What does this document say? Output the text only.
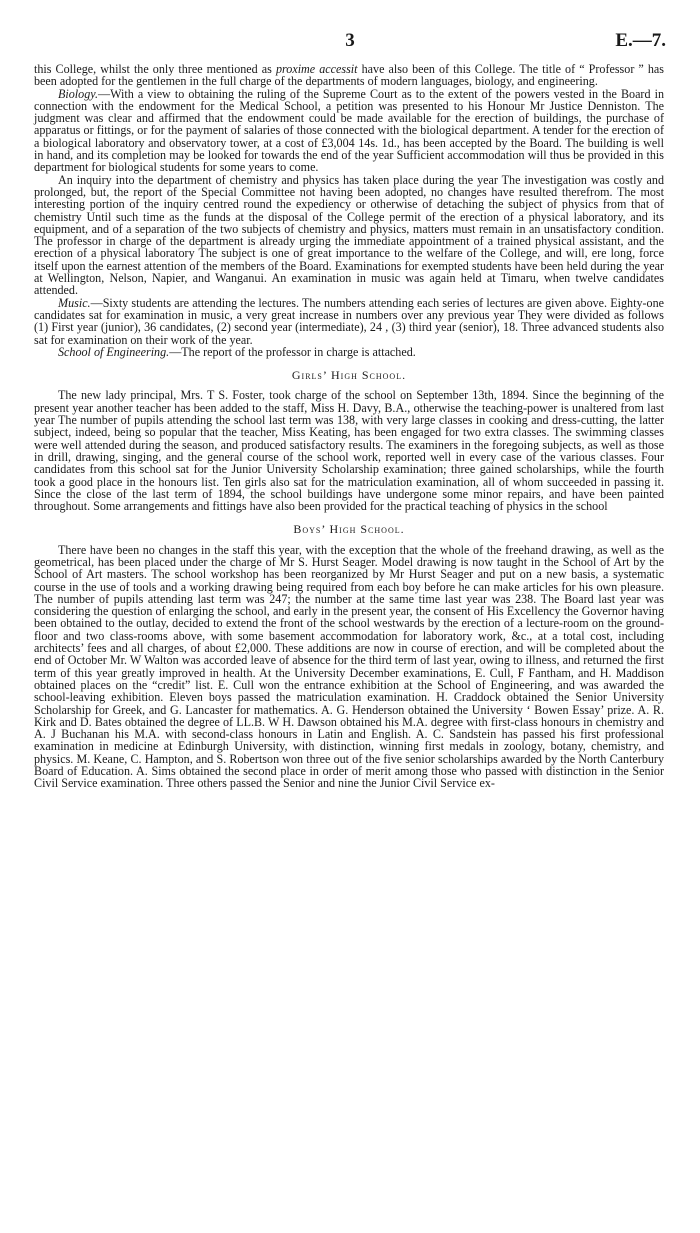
3	E.—7.

this College, whilst the only three mentioned as proxime accessit have also been of this College. The title of “ Professor ” has been adopted for the gentlemen in the full charge of the departments of modern languages, biology, and engineering.

Biology.—With a view to obtaining the ruling of the Supreme Court as to the extent of the powers vested in the Board in connection with the endowment for the Medical School, a petition was presented to his Honour Mr Justice Denniston. The judgment was clear and affirmed that the endowment could be made available for the erection of buildings, the purchase of apparatus or fittings, or for the payment of salaries of those connected with the biological department. A tender for the erection of a biological laboratory and observatory tower, at a cost of £3,004 14s. 1d., has been accepted by the Board. The building is well in hand, and its completion may be looked for towards the end of the year Sufficient accommodation will thus be provided in this department for biological students for some years to come.

An inquiry into the department of chemistry and physics has taken place during the year The investigation was costly and prolonged, but, the report of the Special Committee not having been adopted, no changes have resulted therefrom. The most interesting portion of the inquiry centred round the expediency or otherwise of detaching the subject of physics from that of chemistry Until such time as the funds at the disposal of the College permit of the erection of a physical laboratory, and its equipment, and of a separation of the two subjects of chemistry and physics, matters must remain in an unsatisfactory condition. The professor in charge of the department is already urging the immediate appointment of a trained physical assistant, and the erection of a physical laboratory The subject is one of great importance to the welfare of the College, and will, ere long, force itself upon the earnest attention of the members of the Board. Examinations for exempted students have been held during the year at Wellington, Nelson, Napier, and Wanganui. An examination in music was again held at Timaru, when twelve candidates attended.

Music.—Sixty students are attending the lectures. The numbers attending each series of lectures are given above. Eighty-one candidates sat for examination in music, a very great increase in numbers over any previous year They were divided as follows (1) First year (junior), 36 candidates, (2) second year (intermediate), 24 , (3) third year (senior), 18. Three advanced students also sat for examination on their work of the year.

School of Engineering.—The report of the professor in charge is attached.

Girls’ High School.

The new lady principal, Mrs. T S. Foster, took charge of the school on September 13th, 1894. Since the beginning of the present year another teacher has been added to the staff, Miss H. Davy, B.A., otherwise the teaching-power is unaltered from last year The number of pupils attending the school last term was 138, with very large classes in cooking and dress-cutting, the latter subject, indeed, being so popular that the teacher, Miss Keating, has been engaged for two extra classes. The swimming classes were well attended during the season, and produced satisfactory results. The examiners in the foregoing subjects, as well as those in drill, drawing, singing, and the general course of the school work, reported well in every case of the various classes. Four candidates from this school sat for the Junior University Scholarship examination; three gained scholarships, while the fourth took a good place in the honours list. Ten girls also sat for the matriculation examination, all of whom succeeded in passing it. Since the close of the last term of 1894, the school buildings have undergone some minor repairs, and have been painted throughout. Some arrangements and fittings have also been provided for the practical teaching of physics in the school

Boys’ High School.

There have been no changes in the staff this year, with the exception that the whole of the freehand drawing, as well as the geometrical, has been placed under the charge of Mr S. Hurst Seager. Model drawing is now taught in the School of Art by the School of Art masters. The school workshop has been reorganized by Mr Hurst Seager and put on a new basis, a systematic course in the use of tools and a working drawing being required from each boy before he can make articles for his own pleasure. The number of pupils attending last term was 247; the number at the same time last year was 238. The Board last year was considering the question of enlarging the school, and early in the present year, the consent of His Excellency the Governor having been obtained to the outlay, decided to extend the front of the school westwards by the erection of a lecture-room on the ground-floor and two class-rooms above, with some basement accommodation for laboratory work, &c., at a total cost, including architects’ fees and all charges, of about £2,000. These additions are now in course of erection, and will be completed about the end of October Mr. W Walton was accorded leave of absence for the third term of last year, owing to illness, and returned the first term of this year greatly improved in health. At the University December examinations, E. Cull, F Fantham, and H. Maddison obtained places on the “credit” list. E. Cull won the entrance exhibition at the School of Engineering, and was awarded the school-leaving exhibition. Eleven boys passed the matriculation examination. H. Craddock obtained the Senior University Scholarship for Greek, and G. Lancaster for mathematics. A. G. Henderson obtained the University ‘ Bowen Essay’ prize. A. R. Kirk and D. Bates obtained the degree of LL.B. W H. Dawson obtained his M.A. degree with first-class honours in chemistry and A. J Buchanan his M.A. with second-class honours in Latin and English. A. C. Sandstein has passed his first professional examination in medicine at Edinburgh University, with distinction, winning first medals in zoology, botany, chemistry, and physics. M. Keane, C. Hampton, and S. Robertson won three out of the five senior scholarships awarded by the North Canterbury Board of Education. A. Sims obtained the second place in order of merit among those who passed with distinction in the Senior Civil Service examination. Three others passed the Senior and nine the Junior Civil Service ex-
